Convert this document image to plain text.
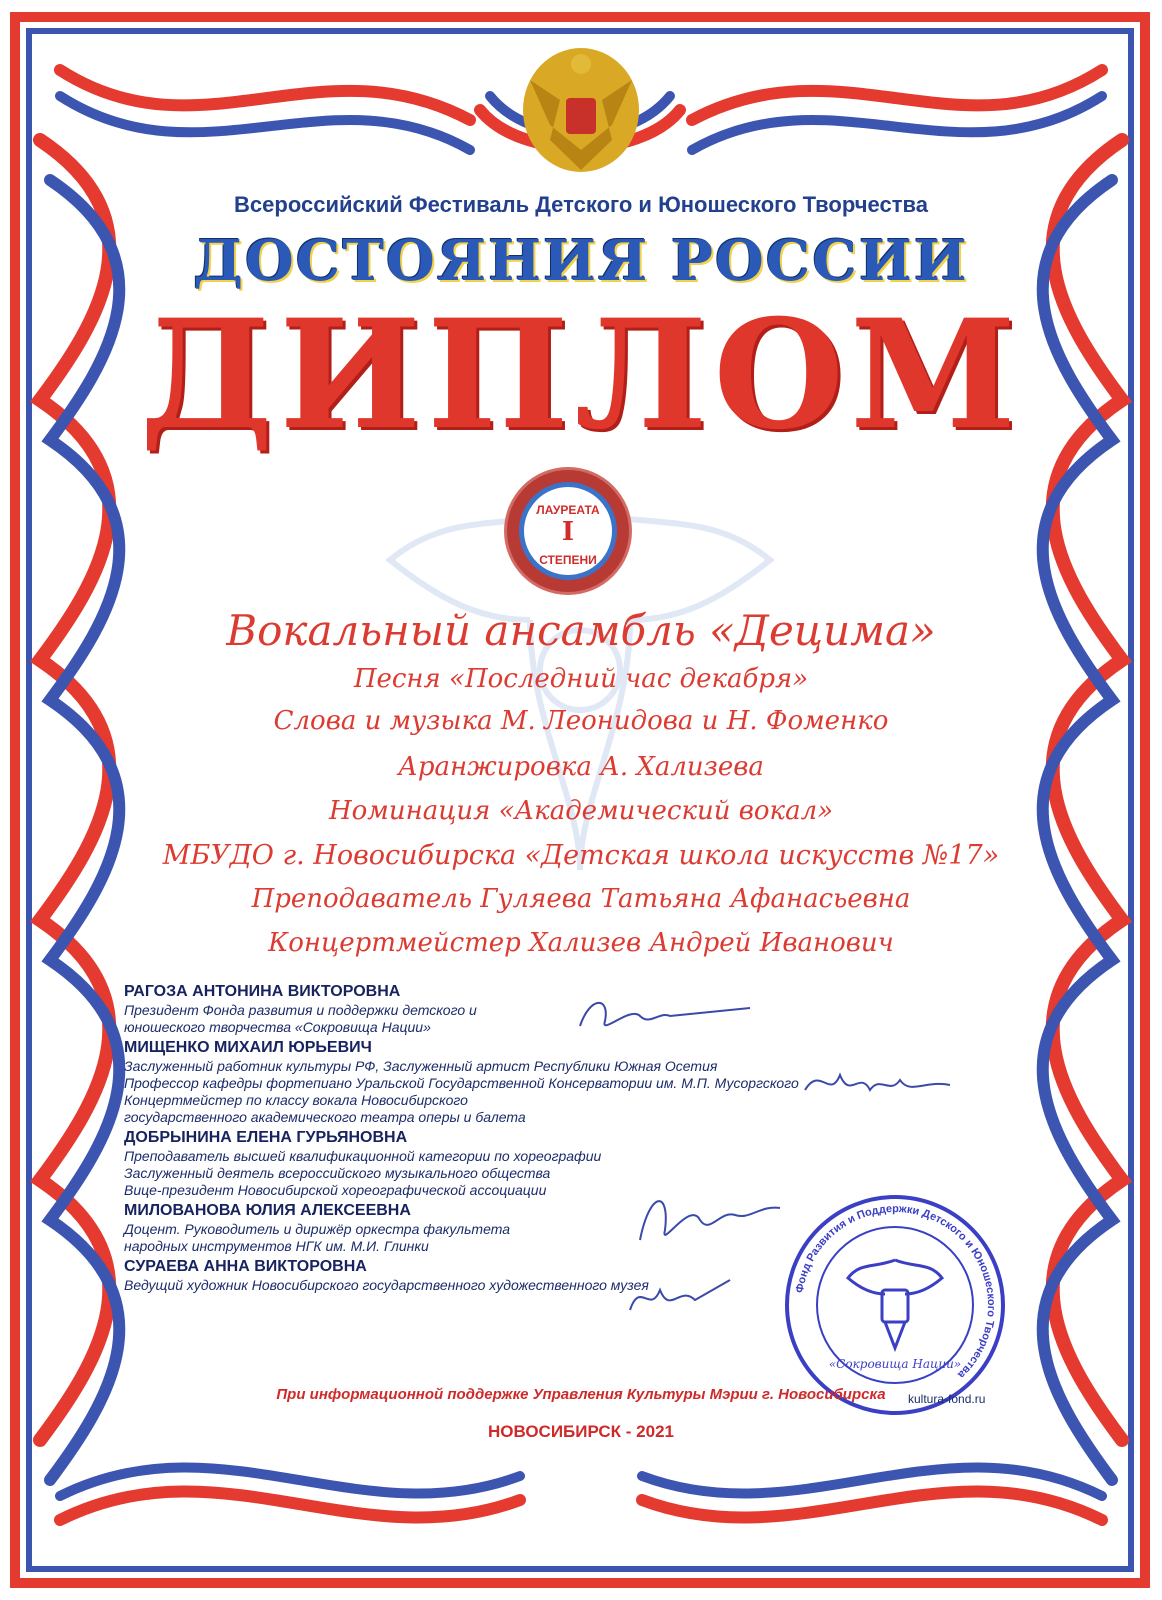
Всероссийский Фестиваль Детского и Юношеского Творчества
ДОСТОЯНИЯ РОССИИ
ДИПЛОМ
ЛАУРЕАТА
I
СТЕПЕНИ
Вокальный ансамбль «Децима»
Песня «Последний час декабря»
Слова и музыка М. Леонидова и Н. Фоменко
Аранжировка А. Хализева
Номинация «Академический вокал»
МБУДО г. Новосибирска «Детская школа искусств №17»
Преподаватель Гуляева Татьяна Афанасьевна
Концертмейстер Хализев Андрей Иванович
РАГОЗА АНТОНИНА ВИКТОРОВНА
Президент Фонда развития и поддержки детского и
юношеского творчества «Сокровища Нации»
МИЩЕНКО МИХАИЛ ЮРЬЕВИЧ
Заслуженный работник культуры РФ, Заслуженный артист Республики Южная Осетия
Профессор кафедры фортепиано Уральской Государственной Консерватории им. М.П. Мусоргского
Концертмейстер по классу вокала Новосибирского
государственного академического театра оперы и балета
ДОБРЫНИНА ЕЛЕНА ГУРЬЯНОВНА
Преподаватель высшей квалификационной категории по хореографии
Заслуженный деятель всероссийского музыкального общества
Вице-президент Новосибирской хореографической ассоциации
МИЛОВАНОВА ЮЛИЯ АЛЕКСЕЕВНА
Доцент. Руководитель и дирижёр оркестра факультета
народных инструментов НГК им. М.И. Глинки
СУРАЕВА АННА ВИКТОРОВНА
Ведущий художник Новосибирского государственного художественного музея	Фонд Развития и Поддержки Детского и Юношеского Творчества
«Сокровища Нации»
При информационной поддержке Управления Культуры Мэрии г. Новосибирска	kultura-fond.ru
НОВОСИБИРСК - 2021
